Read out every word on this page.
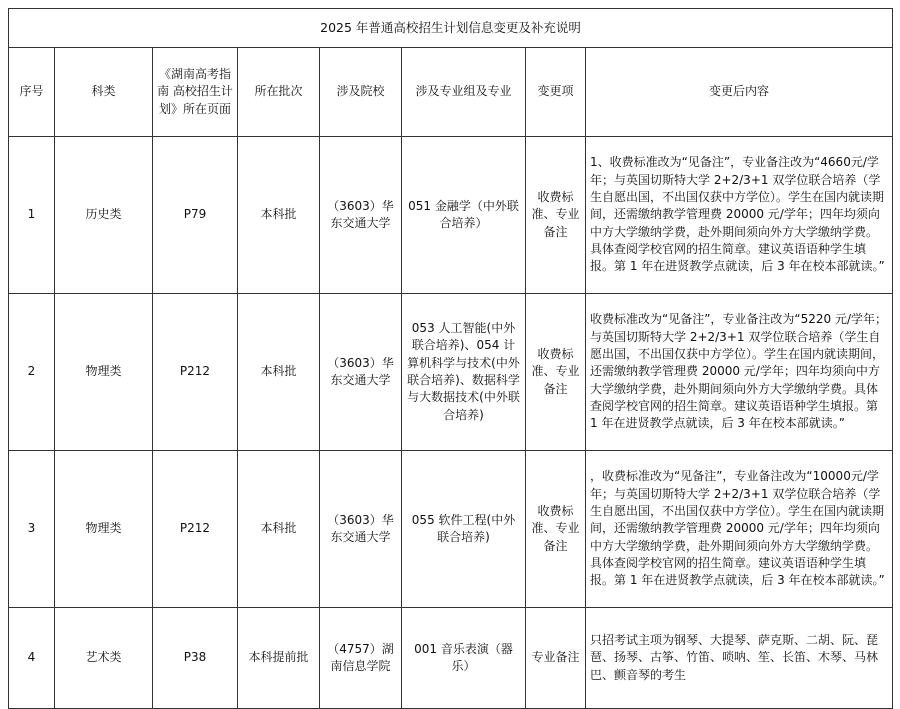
2025 年普通高校招生计划信息变更及补充说明							
序号	科类	《湖南高考指南 高校招生计划》所在页面	所在批次	涉及院校	涉及专业组及专业	变更项	变更后内容
1	历史类	P79	本科批	（3603）华东交通大学	051 金融学（中外联合培养）	收费标准、专业备注	1、收费标准改为“见备注”，专业备注改为“4660元/学年；与英国切斯特大学 2+2/3+1 双学位联合培养（学生自愿出国，不出国仅获中方学位）。学生在国内就读期间，还需缴纳教学管理费 20000 元/学年；四年均须向中方大学缴纳学费，赴外期间须向外方大学缴纳学费。具体查阅学校官网的招生简章。建议英语语种学生填报。第 1 年在进贤教学点就读，后 3 年在校本部就读。”
2	物理类	P212	本科批	（3603）华东交通大学	053 人工智能(中外联合培养)、054 计算机科学与技术(中外联合培养)、数据科学与大数据技术(中外联合培养)	收费标准、专业备注	收费标准改为“见备注”，专业备注改为“5220 元/学年；与英国切斯特大学 2+2/3+1 双学位联合培养（学生自愿出国，不出国仅获中方学位）。学生在国内就读期间，还需缴纳教学管理费 20000 元/学年；四年均须向中方大学缴纳学费，赴外期间须向外方大学缴纳学费。具体查阅学校官网的招生简章。建议英语语种学生填报。第 1 年在进贤教学点就读，后 3 年在校本部就读。”
3	物理类	P212	本科批	（3603）华东交通大学	055 软件工程(中外联合培养)	收费标准、专业备注	，收费标准改为“见备注”，专业备注改为“10000元/学年；与英国切斯特大学 2+2/3+1 双学位联合培养（学生自愿出国，不出国仅获中方学位）。学生在国内就读期间，还需缴纳教学管理费 20000 元/学年；四年均须向中方大学缴纳学费，赴外期间须向外方大学缴纳学费。具体查阅学校官网的招生简章。建议英语语种学生填报。第 1 年在进贤教学点就读，后 3 年在校本部就读。”
4	艺术类	P38	本科提前批	（4757）湖南信息学院	001 音乐表演（器乐）	专业备注	只招考试主项为钢琴、大提琴、萨克斯、二胡、阮、琵琶、扬琴、古筝、竹笛、唢呐、笙、长笛、木琴、马林巴、颤音琴的考生
